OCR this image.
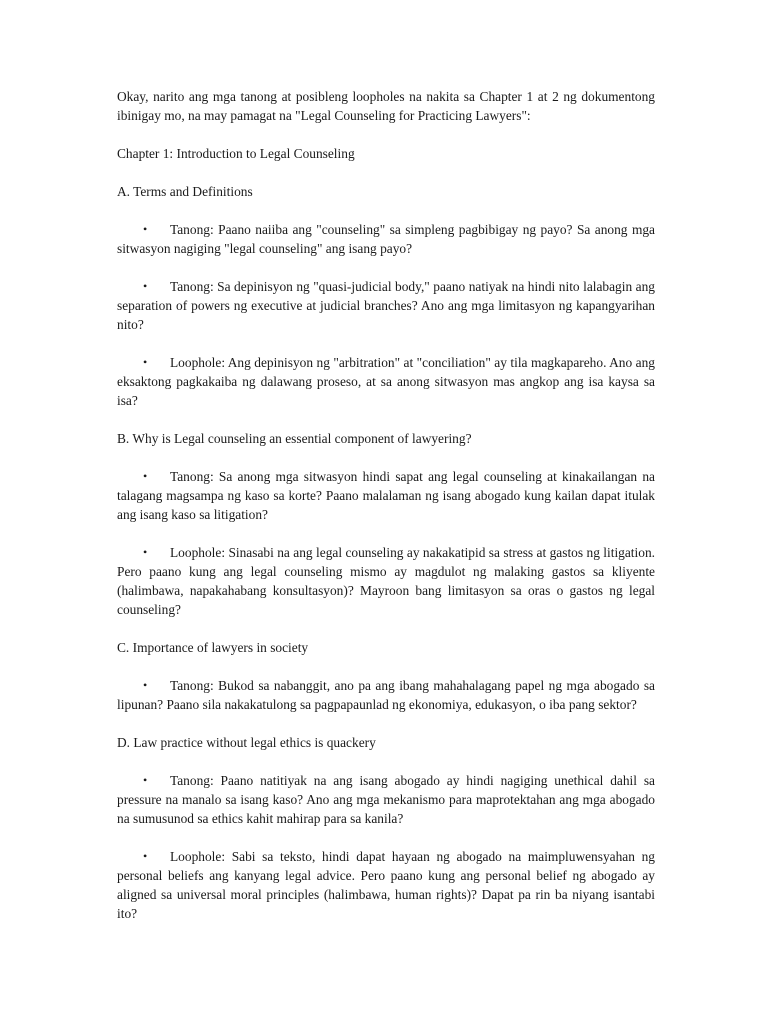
Okay, narito ang mga tanong at posibleng loopholes na nakita sa Chapter 1 at 2 ng dokumentong ibinigay mo, na may pamagat na "Legal Counseling for Practicing Lawyers":

Chapter 1: Introduction to Legal Counseling

A. Terms and Definitions

• Tanong: Paano naiiba ang "counseling" sa simpleng pagbibigay ng payo? Sa anong mga sitwasyon nagiging "legal counseling" ang isang payo?
• Tanong: Sa depinisyon ng "quasi-judicial body," paano natiyak na hindi nito lalabagin ang separation of powers ng executive at judicial branches? Ano ang mga limitasyon ng kapangyarihan nito?
• Loophole: Ang depinisyon ng "arbitration" at "conciliation" ay tila magkapareho. Ano ang eksaktong pagkakaiba ng dalawang proseso, at sa anong sitwasyon mas angkop ang isa kaysa sa isa?

B. Why is Legal counseling an essential component of lawyering?

• Tanong: Sa anong mga sitwasyon hindi sapat ang legal counseling at kinakailangan na talagang magsampa ng kaso sa korte? Paano malalaman ng isang abogado kung kailan dapat itulak ang isang kaso sa litigation?
• Loophole: Sinasabi na ang legal counseling ay nakakatipid sa stress at gastos ng litigation. Pero paano kung ang legal counseling mismo ay magdulot ng malaking gastos sa kliyente (halimbawa, napakahabang konsultasyon)? Mayroon bang limitasyon sa oras o gastos ng legal counseling?

C. Importance of lawyers in society

• Tanong: Bukod sa nabanggit, ano pa ang ibang mahahalagang papel ng mga abogado sa lipunan? Paano sila nakakatulong sa pagpapaunlad ng ekonomiya, edukasyon, o iba pang sektor?

D. Law practice without legal ethics is quackery

• Tanong: Paano natitiyak na ang isang abogado ay hindi nagiging unethical dahil sa pressure na manalo sa isang kaso? Ano ang mga mekanismo para maprotektahan ang mga abogado na sumusunod sa ethics kahit mahirap para sa kanila?
• Loophole: Sabi sa teksto, hindi dapat hayaan ng abogado na maimpluwensyahan ng personal beliefs ang kanyang legal advice. Pero paano kung ang personal belief ng abogado ay aligned sa universal moral principles (halimbawa, human rights)? Dapat pa rin ba niyang isantabi ito?
